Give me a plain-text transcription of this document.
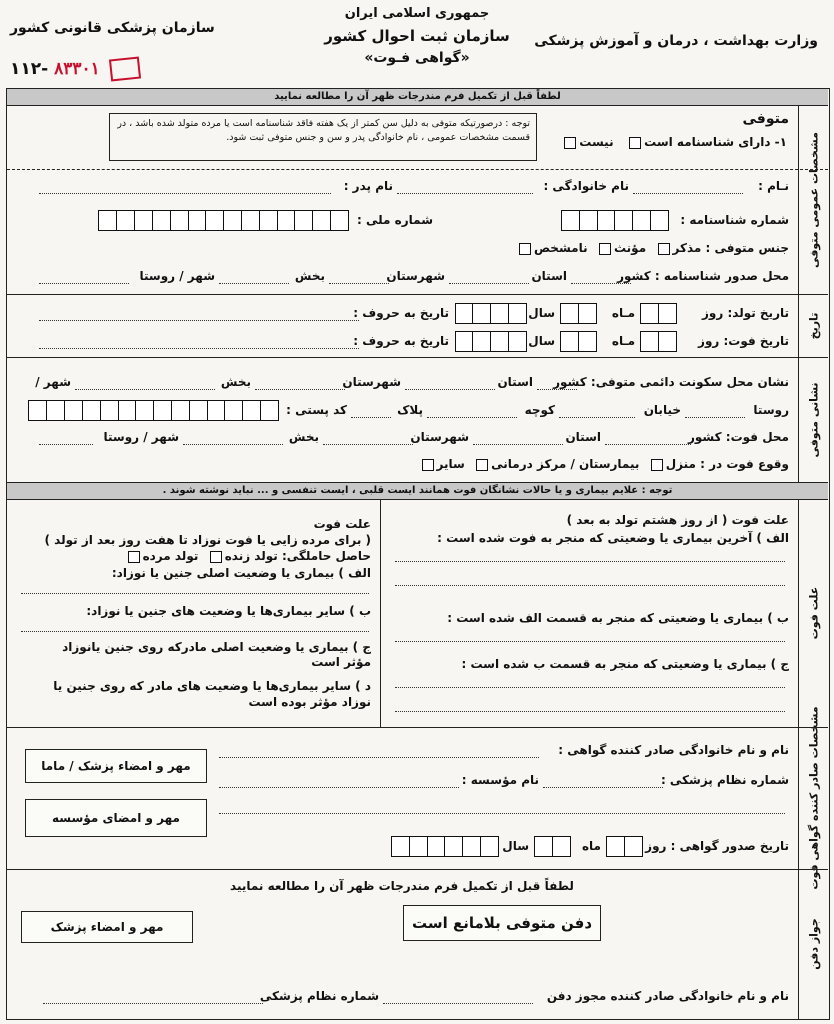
جمهوری اسلامی ایران
سازمان ثبت احوال کشور
«گواهی فـوت»
وزارت بهداشت ، درمان و آموزش پزشکی
سازمان پزشکی قانونی کشور
۱۱۲- ۸۳۳۰۱
لطفاً قبل از تکمیل فرم مندرجات ظهر آن را مطالعه نمایید
مشخصات عمومی متوفی
تاریخ
نشانی متوفی
علت فوت
مشخصات صادر کننده گواهی فوت
جواز دفن
متوفی
۱- دارای شناسنامه است   نیست
توجه : درصورتیکه متوفی به دلیل سن کمتر از یک هفته فاقد شناسنامه است یا مرده متولد شده باشد ، در قسمت مشخصات عمومی ، نام خانوادگی پدر و سن و جنس متوفی ثبت شود.
نـام :
نام خانوادگی :
نام پدر :
شماره شناسنامه :
شماره ملی :
جنس متوفی : مذکر  مؤنث  نامشخص
محل صدور شناسنامه : کشور
استان
شهرستان
بخش
شهر / روستا
تاریخ تولد: روز
مـاه
سال
تاریخ به حروف :
تاریخ فوت: روز
مـاه
سال
تاریخ به حروف :
نشان محل سکونت دائمی متوفی: کشور
استان
شهرستان
بخش
شهر /
روستا
خیابان
کوچه
پلاک
کد پستی :
محل فوت: کشور
استان
شهرستان
بخش
شهر / روستا
وقوع فوت در : منزل  بیمارستان / مرکز درمانی  سایر
توجه : علایم بیماری و یا حالات نشانگان فوت همانند ایست قلبی ، ایست تنفسی و ... نباید نوشته شوند .
علت فوت ( از روز هشتم تولد به بعد )
الف ) آخرین بیماری یا وضعیتی که منجر به فوت شده است :
ب ) بیماری یا وضعیتی که منجر به قسمت الف شده است :
ج ) بیماری یا وضعیتی که منجر به قسمت ب شده است :
علت فوت
( برای مرده زایی یا فوت نوزاد تا هفت روز بعد از تولد )
حاصل حاملگی: تولد زنده  تولد مرده
الف ) بیماری یا وضعیت اصلی جنین یا نوزاد:
ب ) سایر بیماری‌ها یا وضعیت های جنین یا نوزاد:
ج ) بیماری یا وضعیت اصلی مادرکه روی جنین یانوزاد
مؤثر است
د ) سایر بیماری‌ها یا وضعیت های مادر که روی جنین یا
نوزاد مؤثر بوده است
نام و نام خانوادگی صادر کننده گواهی :
شماره نظام پزشکی :
نام مؤسسه :
تاریخ صدور گواهی : روز
ماه
سال
مهر و امضاء پزشک / ماما
مهر و امضای مؤسسه
لطفاً قبل از تکمیل فرم مندرجات ظهر آن را مطالعه نمایید
دفن متوفی بلامانع است
مهر و امضاء پزشک
نام و نام خانوادگی صادر کننده مجوز دفن
شماره نظام پزشکی
